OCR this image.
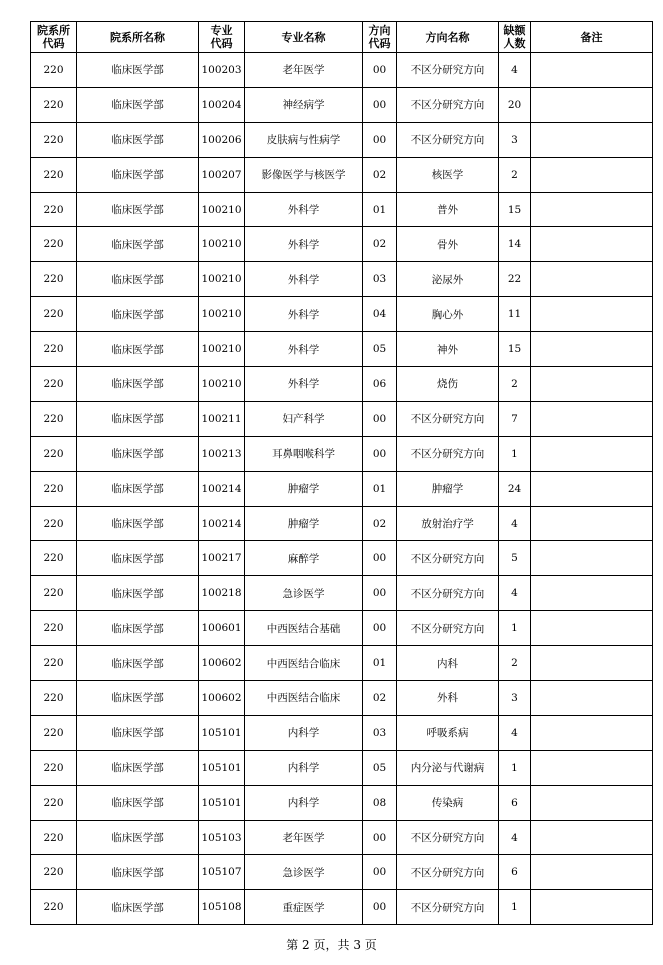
院系所代码	院系所名称	专业代码	专业名称	方向代码	方向名称	缺额人数	备注
220	临床医学部	100203	老年医学	00	不区分研究方向	4	
220	临床医学部	100204	神经病学	00	不区分研究方向	20	
220	临床医学部	100206	皮肤病与性病学	00	不区分研究方向	3	
220	临床医学部	100207	影像医学与核医学	02	核医学	2	
220	临床医学部	100210	外科学	01	普外	15	
220	临床医学部	100210	外科学	02	骨外	14	
220	临床医学部	100210	外科学	03	泌尿外	22	
220	临床医学部	100210	外科学	04	胸心外	11	
220	临床医学部	100210	外科学	05	神外	15	
220	临床医学部	100210	外科学	06	烧伤	2	
220	临床医学部	100211	妇产科学	00	不区分研究方向	7	
220	临床医学部	100213	耳鼻咽喉科学	00	不区分研究方向	1	
220	临床医学部	100214	肿瘤学	01	肿瘤学	24	
220	临床医学部	100214	肿瘤学	02	放射治疗学	4	
220	临床医学部	100217	麻醉学	00	不区分研究方向	5	
220	临床医学部	100218	急诊医学	00	不区分研究方向	4	
220	临床医学部	100601	中西医结合基础	00	不区分研究方向	1	
220	临床医学部	100602	中西医结合临床	01	内科	2	
220	临床医学部	100602	中西医结合临床	02	外科	3	
220	临床医学部	105101	内科学	03	呼吸系病	4	
220	临床医学部	105101	内科学	05	内分泌与代谢病	1	
220	临床医学部	105101	内科学	08	传染病	6	
220	临床医学部	105103	老年医学	00	不区分研究方向	4	
220	临床医学部	105107	急诊医学	00	不区分研究方向	6	
220	临床医学部	105108	重症医学	00	不区分研究方向	1	
第 2 页，共 3 页
